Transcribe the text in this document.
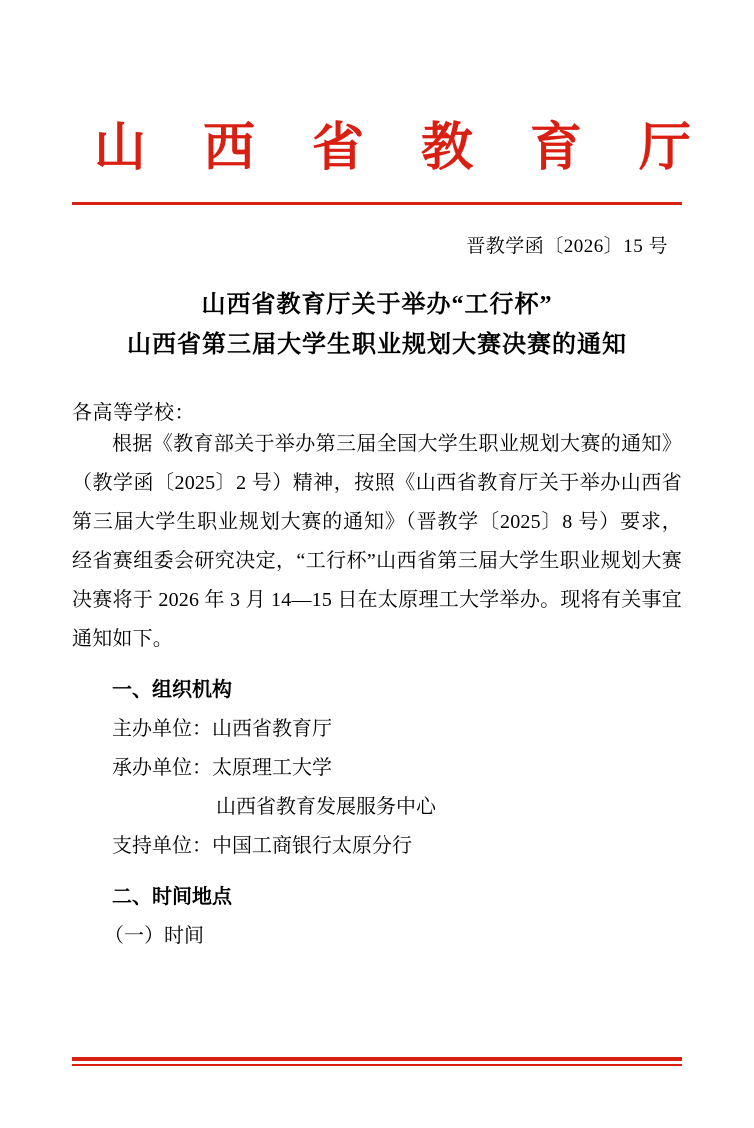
山 西 省 教 育 厅
晋教学函〔2026〕15 号
山西省教育厅关于举办“工行杯”
山西省第三届大学生职业规划大赛决赛的通知
各高等学校：

根据《教育部关于举办第三届全国大学生职业规划大赛的通知》（教学函〔2025〕2 号）精神，按照《山西省教育厅关于举办山西省第三届大学生职业规划大赛的通知》（晋教学〔2025〕8 号）要求，经省赛组委会研究决定，“工行杯”山西省第三届大学生职业规划大赛决赛将于 2026 年 3 月 14—15 日在太原理工大学举办。现将有关事宜通知如下。

一、组织机构
主办单位：山西省教育厅
承办单位：太原理工大学
山西省教育发展服务中心
支持单位：中国工商银行太原分行
二、时间地点
（一）时间
